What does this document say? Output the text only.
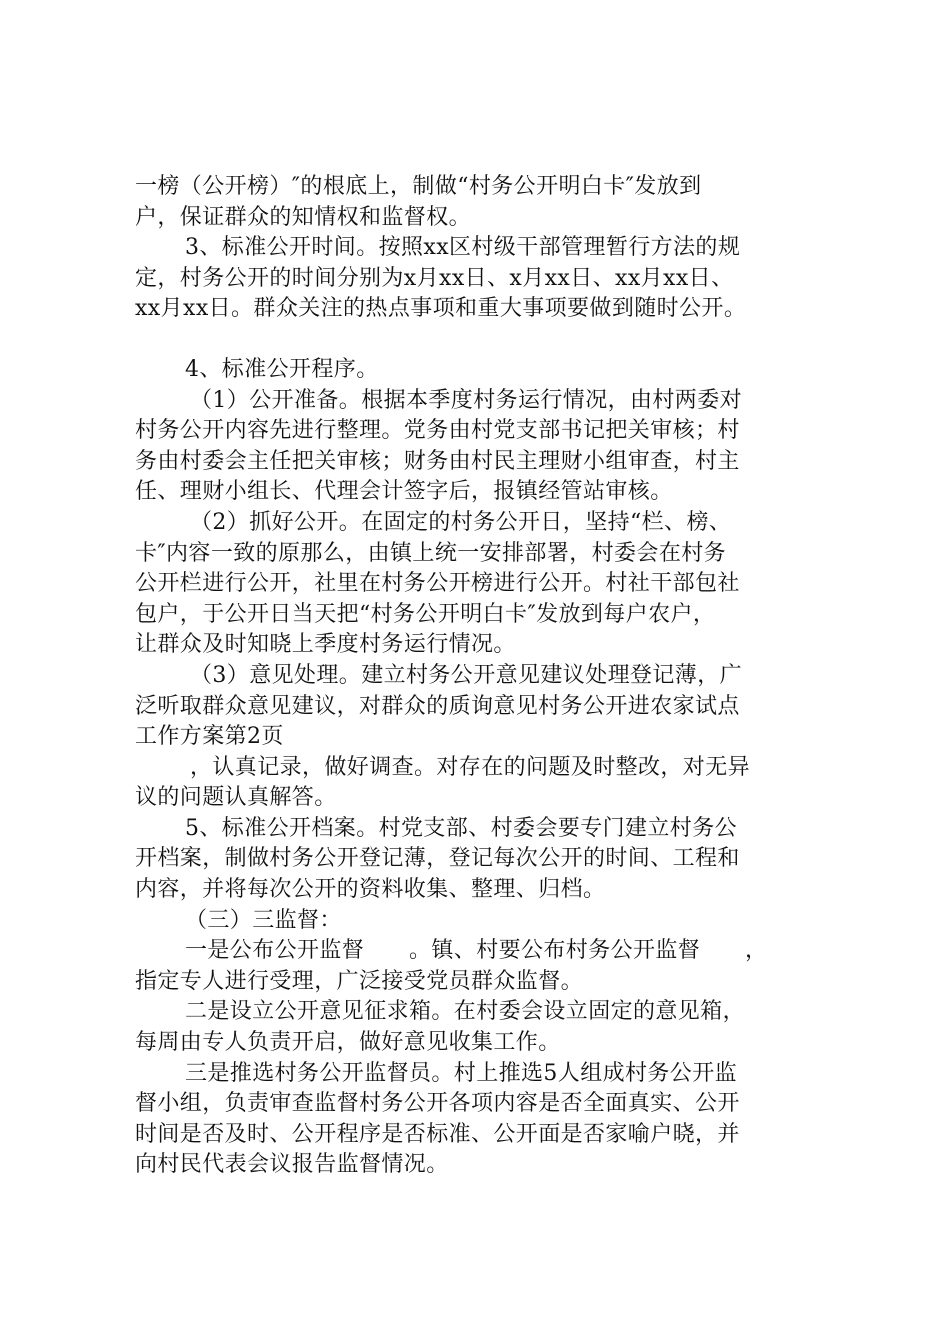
一榜（公开榜）″的根底上，制做“村务公开明白卡″发放到
户，保证群众的知情权和监督权。
3、标准公开时间。按照xx区村级干部管理暂行方法的规
定，村务公开的时间分别为x月xx日、x月xx日、xx月xx日、
xx月xx日。群众关注的热点事项和重大事项要做到随时公开。
4、标准公开程序。
（1）公开准备。根据本季度村务运行情况，由村两委对
村务公开内容先进行整理。党务由村党支部书记把关审核；村
务由村委会主任把关审核；财务由村民主理财小组审查，村主
任、理财小组长、代理会计签字后，报镇经管站审核。
（2）抓好公开。在固定的村务公开日，坚持“栏、榜、
卡″内容一致的原那么，由镇上统一安排部署，村委会在村务
公开栏进行公开，社里在村务公开榜进行公开。村社干部包社
包户，于公开日当天把“村务公开明白卡″发放到每户农户，
让群众及时知晓上季度村务运行情况。
（3）意见处理。建立村务公开意见建议处理登记薄，广
泛听取群众意见建议，对群众的质询意见村务公开进农家试点
工作方案第2页
，认真记录，做好调查。对存在的问题及时整改，对无异
议的问题认真解答。
5、标准公开档案。村党支部、村委会要专门建立村务公
开档案，制做村务公开登记薄，登记每次公开的时间、工程和
内容，并将每次公开的资料收集、整理、归档。
（三）三监督：
一是公布公开监督　　。镇、村要公布村务公开监督　　，
指定专人进行受理，广泛接受党员群众监督。
二是设立公开意见征求箱。在村委会设立固定的意见箱，
每周由专人负责开启，做好意见收集工作。
三是推选村务公开监督员。村上推选5人组成村务公开监
督小组，负责审查监督村务公开各项内容是否全面真实、公开
时间是否及时、公开程序是否标准、公开面是否家喻户晓，并
向村民代表会议报告监督情况。
